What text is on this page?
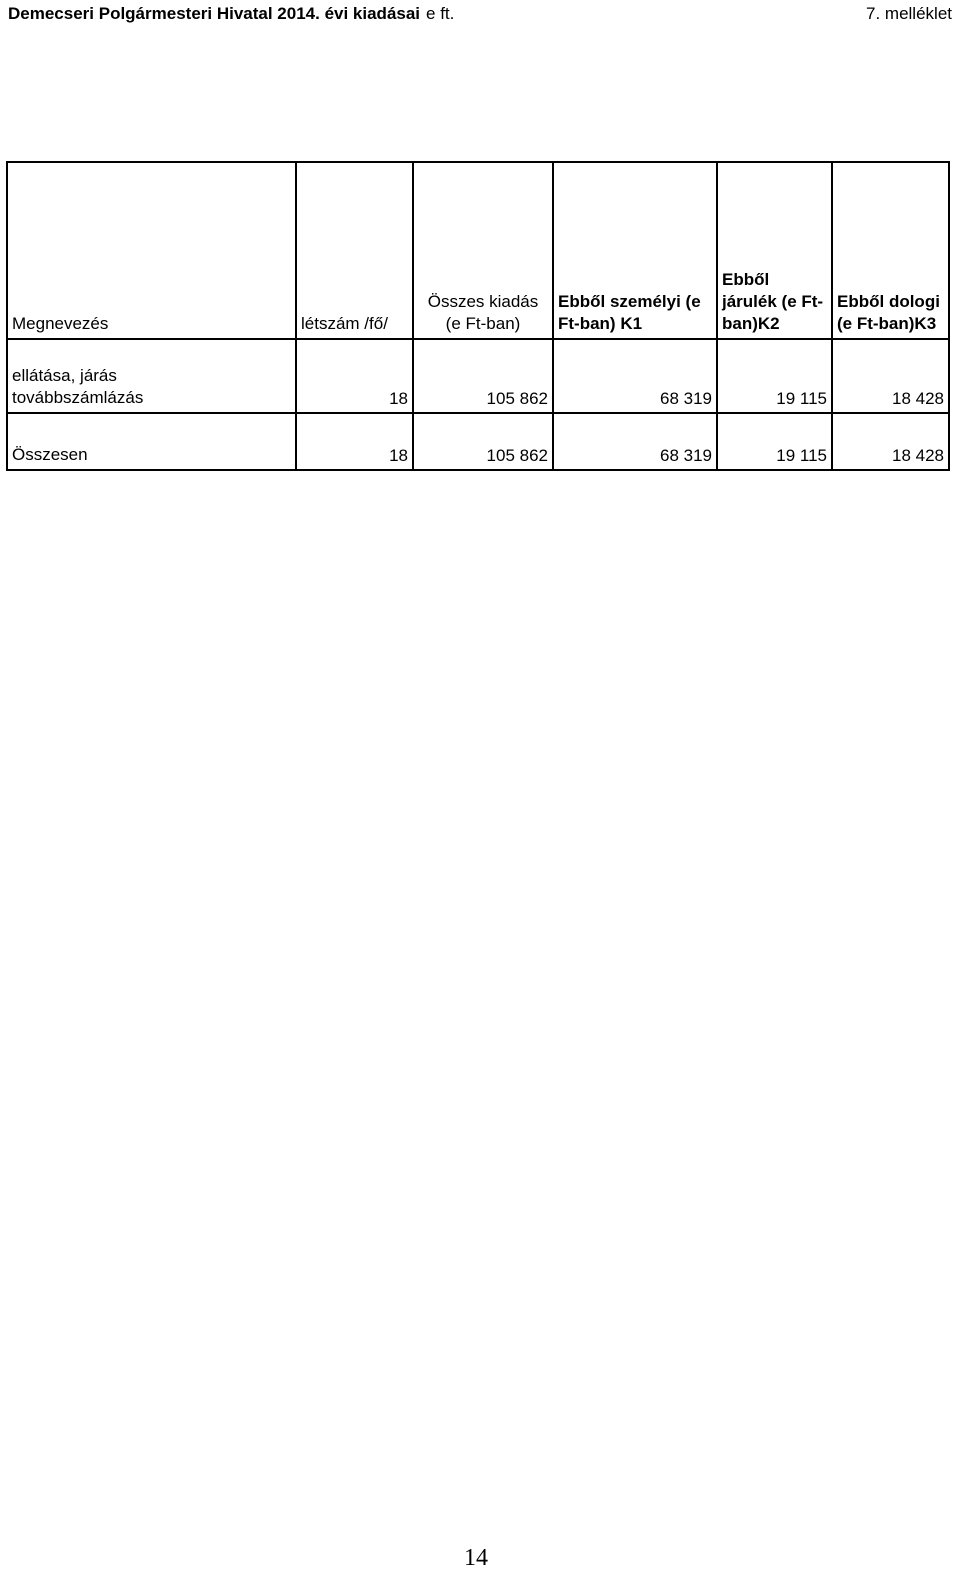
Demecseri Polgármesteri Hivatal 2014. évi kiadásai e ft.	7. melléklet
Megnevezés	létszám /fő/	Összes kiadás (e Ft-ban)	Ebből személyi (e Ft-ban) K1	Ebből járulék (e Ft-ban)K2	Ebből dologi (e Ft-ban)K3

ellátása, járás
továbbszámlázás	18	105 862	68 319	19 115	18 428
Összesen	18	105 862	68 319	19 115	18 428
14
